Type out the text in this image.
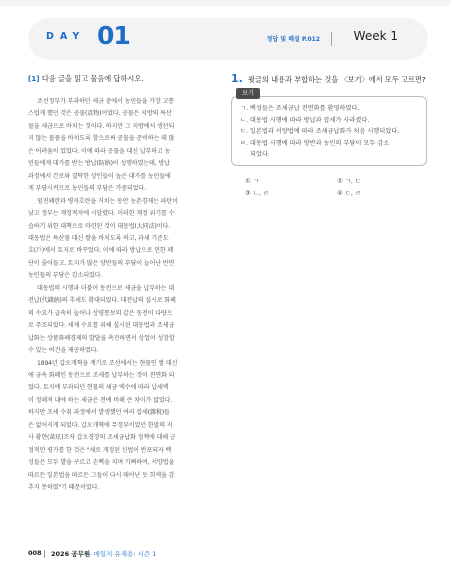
DAY 01	정답 및 해설 P.012	Week 1
[1] 다음 글을 읽고 물음에 답하시오.

조선정부가 부과하던 세금 중에서 농민들을 가장 고통
스럽게 했던 것은 공물(貢物)이었다. 공물은 지방의 특산
물을 세금으로 바치는 것이다. 하지만 그 지방에서 생산되
지 않는 물품을 바치도록 할으로써 공물을 준비하는 데 많
은 어려움이 있었다. 이에 따라 공물을 대신 납부하고 농
민들에게 대가를 받는 방납(防納)이 성행하였는데, 방납
과정에서 간로와 결탁한 상인들이 높은 대가를 농민들에
게 부당시켜므로 농민들의 부담은 가중되었다.

임진왜란과 병자호란을 거치는 동안 농촌경제는 파탄이
났고 정부는 재정적자에 시달렸다. 이러한 재정 위기를 수
습하기 위한 대책으로 마련된 것이 대동법(大同法)이다.
대동법은 특산물 대신 쌀을 바치도록 하고, 과세 기준도
호(戶)에서 토지로 바꾸었다. 이에 따라 방납으로 인한 폐
단이 줄어들고, 토지가 많은 양반들의 부담이 늘어난 반면
농민들의 부담은 감소되었다.

대동법의 시행과 더불어 동전으로 세금을 납부하는 대
전납(代錢納)의 추세도 확대되었다. 대전납의 실시로 화폐
의 수요가 급속히 늘어나 상평통보의 같은 동전이 다량으
로 주조되었다. 세제 수요를 위해 실시된 대동법과 조세금
납화는 상품화폐경제의 발달을 촉진하면서 상업이 성장할
수 있는 여건을 제공하였다.

1894년 갑오개혁을 계기로 조선에서는 현물인 쌀 대신
에 금속 화폐인 동전으로 조세를 납부하는 것이 전면화 되
었다. 토지에 부과되던 현물의 세금 액수에 따라 납세액
이 정해져 내야 하는 세금은 전에 비해 큰 차이가 없었다.
하지만 조세 수취 과정에서 발생했던 여러 잡세(雜稅)들
은 없어지게 되었다. 갑오개혁에 무정부이었던 한말의 지
사 황현(黃玹)조차 갑오경장의 조세금납화 정책에 대해 긍
정적인 평가를 한 것은 "새로 개정된 신법이 반포되자 백
성들은 모두 발을 구르고 손뼉을 치며 기뻐하여, 서양법을
따르든 일본법을 따르든 그들이 다시 태어난 듯 희색을 감
추지 못하였"기 때문이었다.

1. 윗글의 내용과 부합하는 것을 〈보기〉에서 모두 고르면?
보기
ㄱ. 백성들은 조세금납 전면화를 환영하였다.
ㄴ. 대동법 시행에 따라 방납과 잡세가 사라졌다.
ㄷ. 일본법과 서양법에 따라 조세금납화가 처음 시행되었다.
ㄹ. 대동법 시행에 따라 양반과 농민의 부담이 모두 감소
되었다.
① ㄱ	② ㄱ, ㄷ
③ ㄴ, ㄹ	④ ㄷ, ㄹ
008 2026 공무원
— 매일지 유재용: 시즌 1
